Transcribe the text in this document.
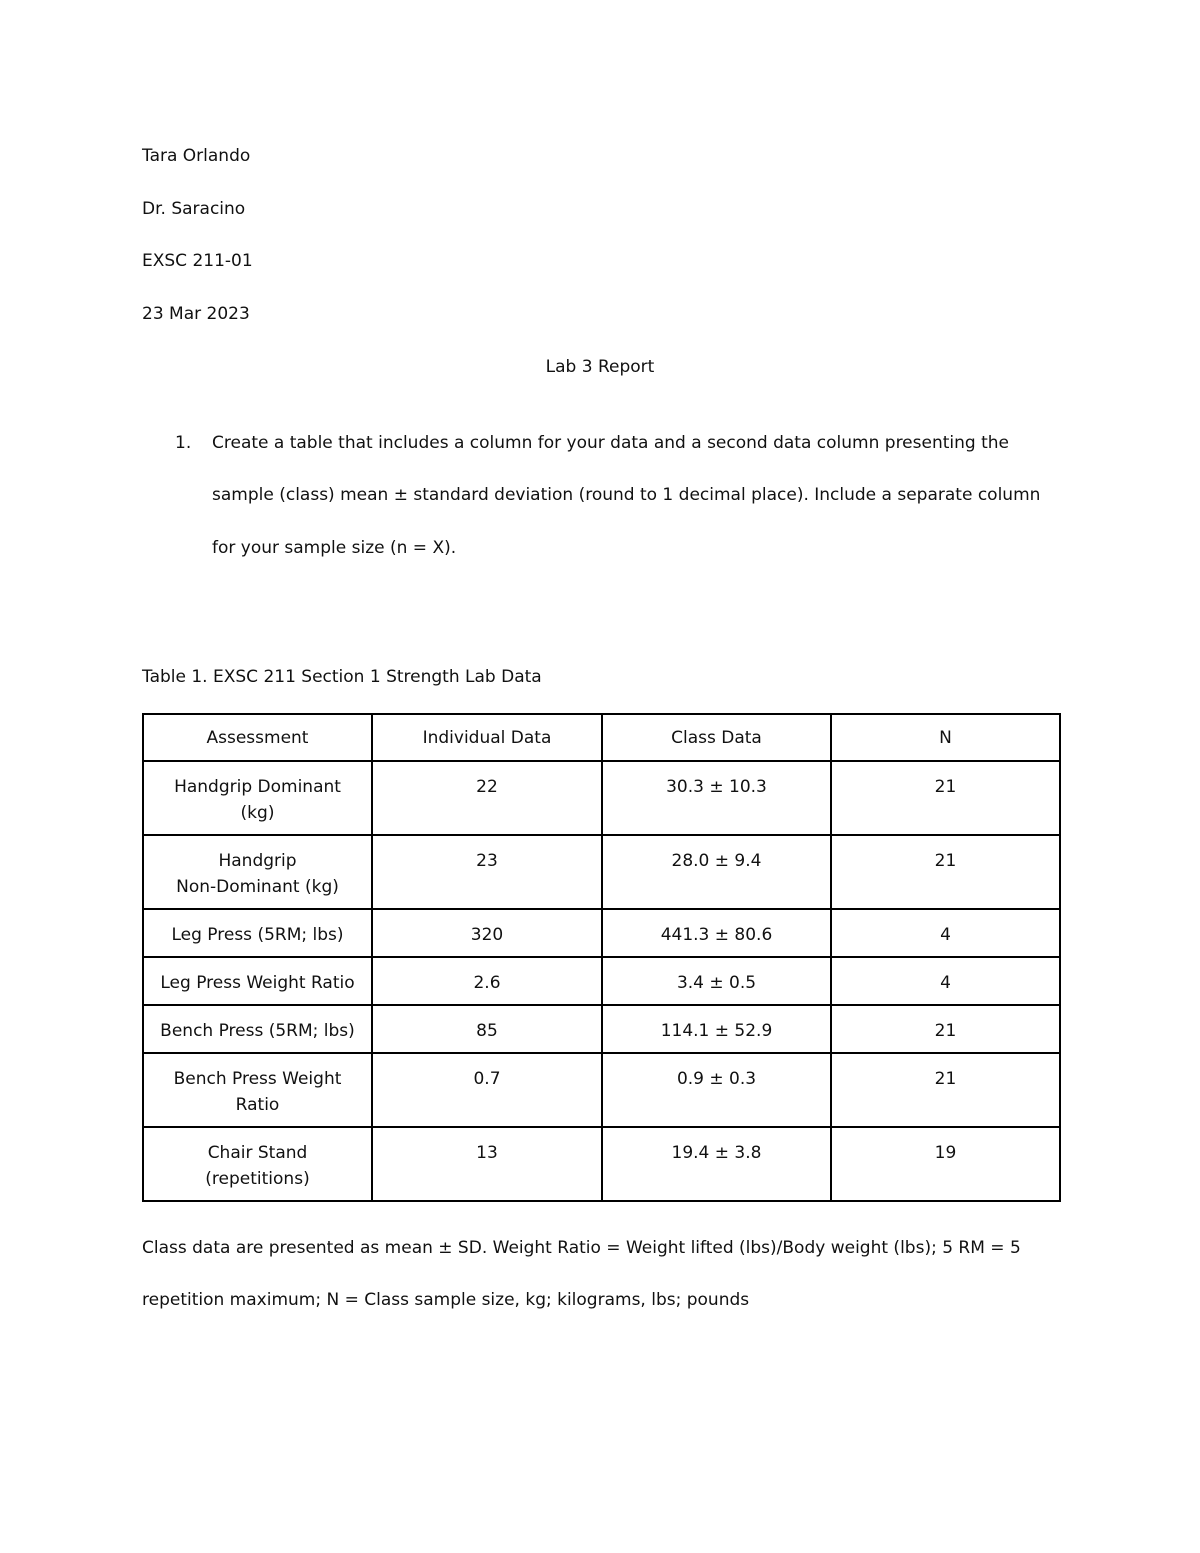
Tara Orlando
Dr. Saracino
EXSC 211-01
23 Mar 2023
Lab 3 Report
1. Create a table that includes a column for your data and a second data column presenting the
sample (class) mean ± standard deviation (round to 1 decimal place). Include a separate column
for your sample size (n = X).
Table 1. EXSC 211 Section 1 Strength Lab Data
Assessment	Individual Data	Class Data	N
Handgrip Dominant
(kg)	22	30.3 ± 10.3	21
Handgrip
Non-Dominant (kg)	23	28.0 ± 9.4	21
Leg Press (5RM; lbs)	320	441.3 ± 80.6	4
Leg Press Weight Ratio	2.6	3.4 ± 0.5	4
Bench Press (5RM; lbs)	85	114.1 ± 52.9	21
Bench Press Weight
Ratio	0.7	0.9 ± 0.3	21
Chair Stand
(repetitions)	13	19.4 ± 3.8	19
Class data are presented as mean ± SD. Weight Ratio = Weight lifted (lbs)/Body weight (lbs); 5 RM = 5
repetition maximum; N = Class sample size, kg; kilograms, lbs; pounds
